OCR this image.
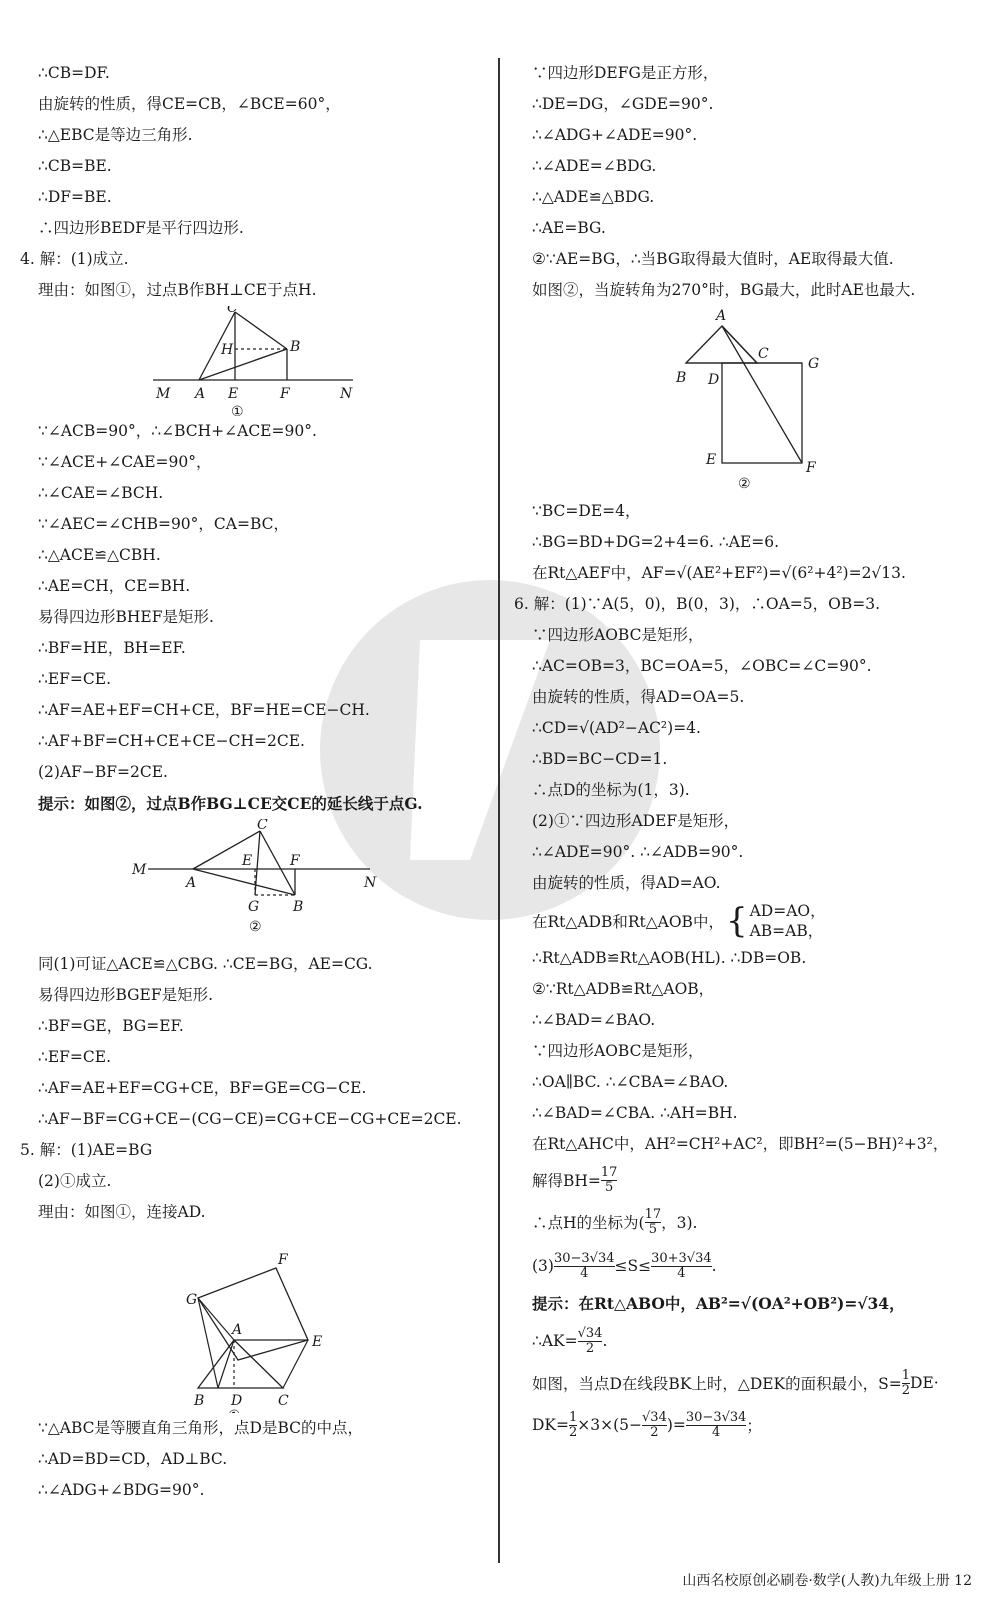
∴CB=DF.
由旋转的性质，得CE=CB，∠BCE=60°，
∴△EBC是等边三角形.
∴CB=BE.
∴DF=BE.
∴四边形BEDF是平行四边形.
4. 解：(1)成立.
理由：如图①，过点B作BH⊥CE于点H.
C
H	B
M A E	F	N
①
∵∠ACB=90°，∴∠BCH+∠ACE=90°.
∵∠ACE+∠CAE=90°，
∴∠CAE=∠BCH.
∵∠AEC=∠CHB=90°，CA=BC，
∴△ACE≌△CBH.
∴AE=CH，CE=BH.
易得四边形BHEF是矩形.
∴BF=HE，BH=EF.
∴EF=CE.
∴AF=AE+EF=CH+CE，BF=HE=CE−CH.
∴AF+BF=CH+CE+CE−CH=2CE.
(2)AF−BF=2CE.
提示：如图②，过点B作BG⊥CE交CE的延长线于点G.
C
M
E	F
A
G B
N
②
同(1)可证△ACE≌△CBG. ∴CE=BG，AE=CG.
易得四边形BGEF是矩形.
∴BF=GE，BG=EF.
∴EF=CE.
∴AF=AE+EF=CG+CE，BF=GE=CG−CE.
∴AF−BF=CG+CE−(CG−CE)=CG+CE−CG+CE=2CE.
5. 解：(1)AE=BG
(2)①成立.
理由：如图①，连接AD.
F
G
A
E
B D	C
∵△ABC是等腰直角三角形，点D是BC的中点，
∴AD=BD=CD，AD⊥BC.
∴∠ADG+∠BDG=90°.
∵四边形DEFG是正方形，
∴DE=DG，∠GDE=90°.
∴∠ADG+∠ADE=90°.
∴∠ADE=∠BDG.
∴△ADE≌△BDG.
∴AE=BG.
②∵AE=BG，∴当BG取得最大值时，AE取得最大值.
如图②，当旋转角为270°时，BG最大，此时AE也最大.
A
B
C
D
G
E	F
②
∵BC=DE=4，
∴BG=BD+DG=2+4=6. ∴AE=6.
在Rt△AEF中，AF=√(AE²+EF²)=√(6²+4²)=2√13.
6. 解：(1)∵A(5，0)，B(0，3)，∴OA=5，OB=3.
∵四边形AOBC是矩形，
∴AC=OB=3，BC=OA=5，∠OBC=∠C=90°.
由旋转的性质，得AD=OA=5.
∴CD=√(AD²−AC²)=4.
∴BD=BC−CD=1.
∴点D的坐标为(1，3).
(2)①∵四边形ADEF是矩形，
∴∠ADE=90°. ∴∠ADB=90°.
由旋转的性质，得AD=AO.
在Rt△ADB和Rt△AOB中， { AD=AO，
AB=AB，
∴Rt△ADB≌Rt△AOB(HL). ∴DB=OB.
②∵Rt△ADB≌Rt△AOB，
∴∠BAD=∠BAO.
∵四边形AOBC是矩形，
∴OA∥BC. ∴∠CBA=∠BAO.
∴∠BAD=∠CBA. ∴AH=BH.
在Rt△AHC中，AH²=CH²+AC²，即BH²=(5−BH)²+3²，
解得$BH= \frac{17}{5}$
∴点H的坐标为( $\frac{17}{5}$ ，3).
$(3) \frac{30-3√34}{4} \le S\le \frac{30+3√34}{4}$ .
提示：在Rt△ABO中，AB²=√(OA²+OB²)=√34，
∴AK= $\frac{√34}{2}$ .
如图，当点D在线段BK上时，△DEK的面积最小，$S= \frac{1}{2} DE\cdot$
$DK= \frac{1}{2} \times 3\times(5- \frac{√34}{2}$ )= $\frac{30-3√34}{4}$ ；
山西名校原创必刷卷·数学(人教)九年级上册 12
